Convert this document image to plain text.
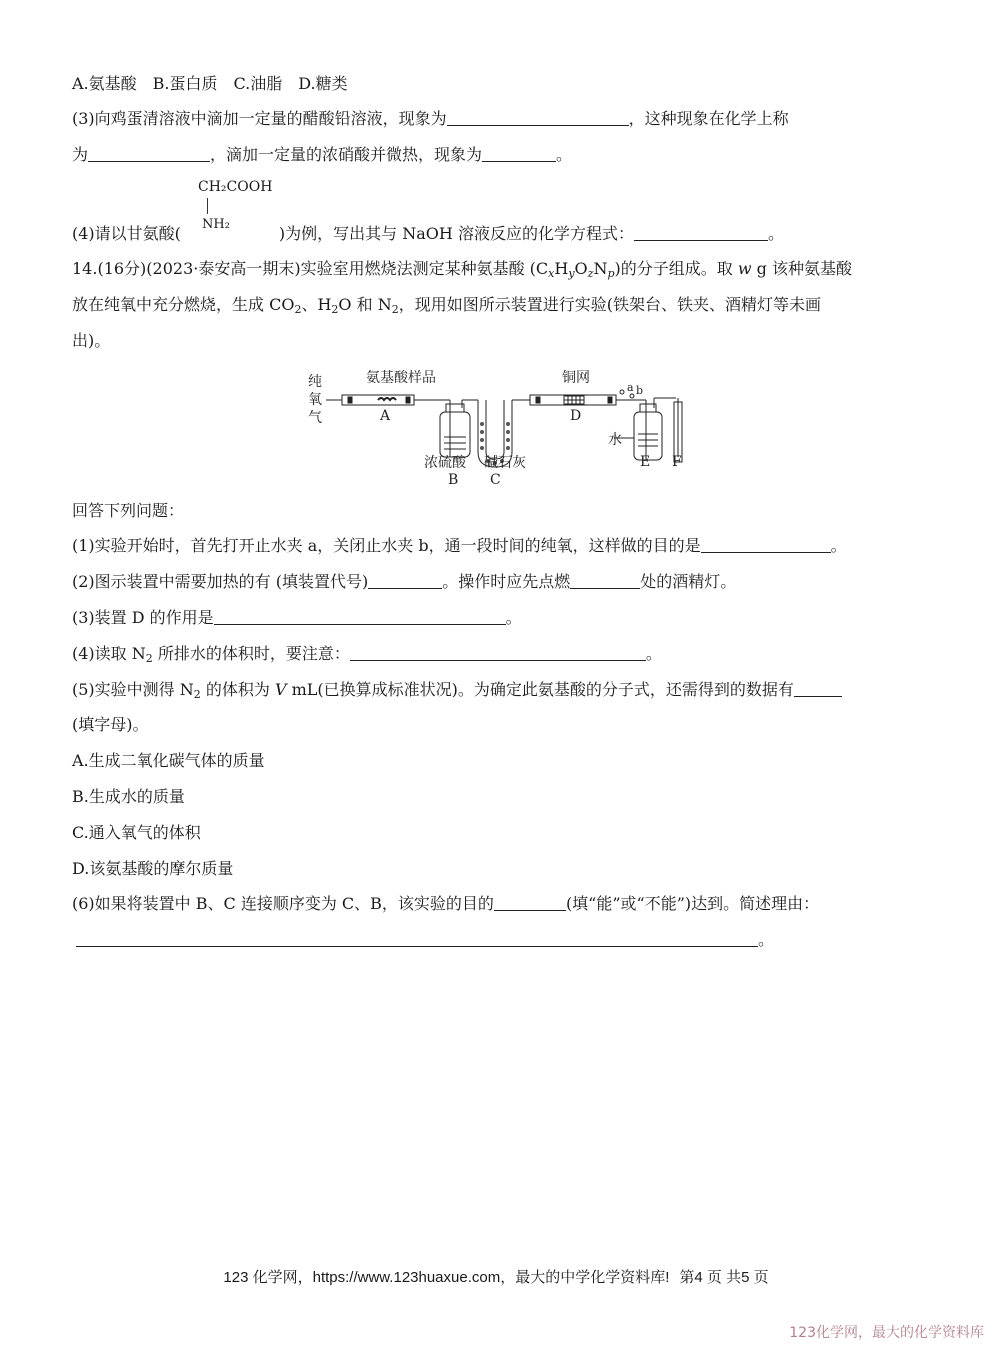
A.氨基酸　B.蛋白质　C.油脂　D.糖类
(3)向鸡蛋清溶液中滴加一定量的醋酸铅溶液，现象为	，这种现象在化学上称
为	，滴加一定量的浓硝酸并微热，现象为	。
CH₂COOH
NH₂
(4)请以甘氨酸(	)为例，写出其与 NaOH 溶液反应的化学方程式：	。
14.(16分)(2023·泰安高一期末)实验室用燃烧法测定某种氨基酸 $(C_xH_yO_zN_p)$的分子组成。取 w g 该种氨基酸
放在纯氧中充分燃烧，生成 $CO_2$、$H_2O$ 和 $N_2$，现用如图所示装置进行实验(铁架台、铁夹、酒精灯等未画
出)。
纯
氧
气
氨基酸样品
A
铜网
D
浓硫酸
B
碱石灰
C
水
E F
a b
回答下列问题：
(1)实验开始时，首先打开止水夹 a，关闭止水夹 b，通一段时间的纯氧，这样做的目的是	。
(2)图示装置中需要加热的有 (填装置代号)	。操作时应先点燃	处的酒精灯。
(3)装置 D 的作用是	。
(4)读取 $N_2$ 所排水的体积时，要注意：	。
(5)实验中测得 $N_2$ 的体积为 V mL(已换算成标准状况)。为确定此氨基酸的分子式，还需得到的数据有
(填字母)。
A.生成二氧化碳气体的质量
B.生成水的质量
C.通入氧气的体积
D.该氨基酸的摩尔质量
(6)如果将装置中 B、C 连接顺序变为 C、B，该实验的目的	(填“能”或“不能”)达到。简述理由：
。
123 化学网，https://www.123huaxue.com，最大的中学化学资料库! 第4 页 共5 页
123化学网，最大的化学资料库
